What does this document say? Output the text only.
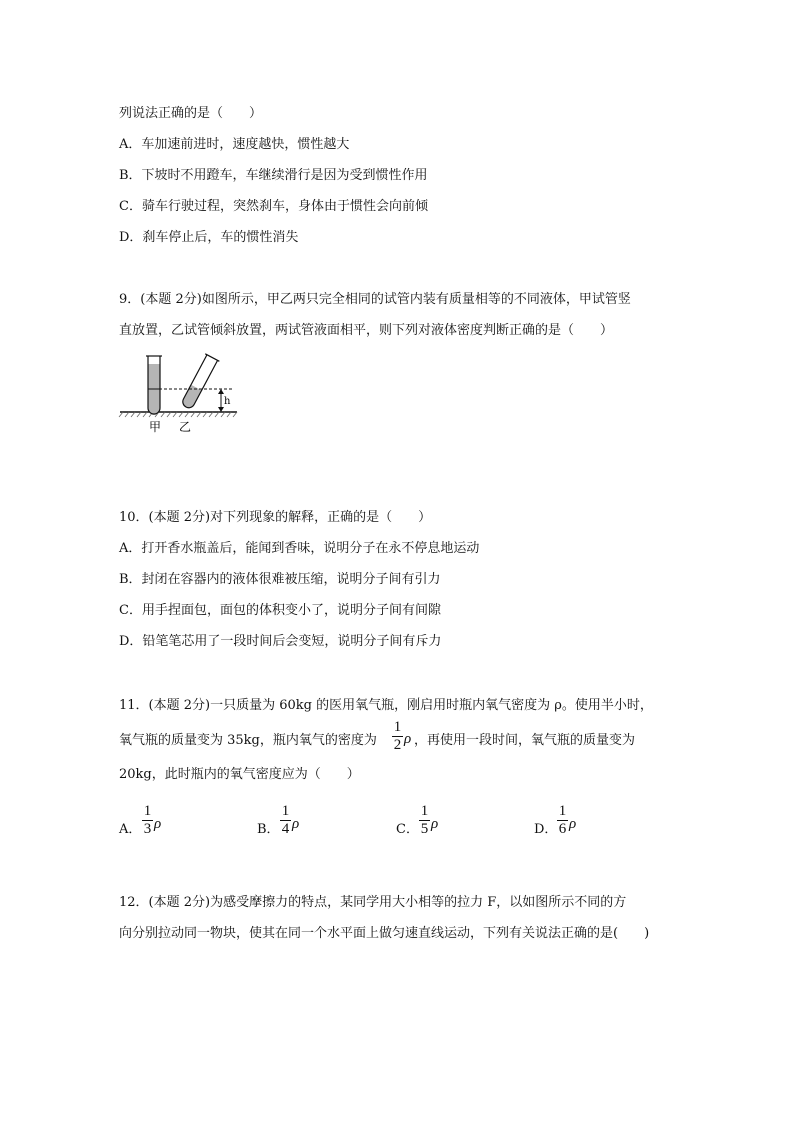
列说法正确的是（　　）
A．车加速前进时，速度越快，惯性越大
B．下坡时不用蹬车，车继续滑行是因为受到惯性作用
C．骑车行驶过程，突然刹车，身体由于惯性会向前倾
D．刹车停止后，车的惯性消失
9．(本题 2分)如图所示，甲乙两只完全相同的试管内装有质量相等的不同液体，甲试管竖
直放置，乙试管倾斜放置，两试管液面相平，则下列对液体密度判断正确的是（　　）
h
甲 乙
10．(本题 2分)对下列现象的解释，正确的是（　　）
A．打开香水瓶盖后，能闻到香味，说明分子在永不停息地运动
B．封闭在容器内的液体很难被压缩，说明分子间有引力
C．用手捏面包，面包的体积变小了，说明分子间有间隙
D．铅笔笔芯用了一段时间后会变短，说明分子间有斥力
11．(本题 2分)一只质量为 60kg 的医用氧气瓶，刚启用时瓶内氧气密度为 ρ。使用半小时，
氧气瓶的质量变为 35kg，瓶内氧气的密度为
1
2 ρ ，再使用一段时间，氧气瓶的质量变为
20kg，此时瓶内的氧气密度应为（　　）
A．
1
3 ρ	B．
1
4 ρ	C．
1
5 ρ	D．
1
6 ρ
12．(本题 2分)为感受摩擦力的特点，某同学用大小相等的拉力 F，以如图所示不同的方
向分别拉动同一物块，使其在同一个水平面上做匀速直线运动，下列有关说法正确的是(　　)
